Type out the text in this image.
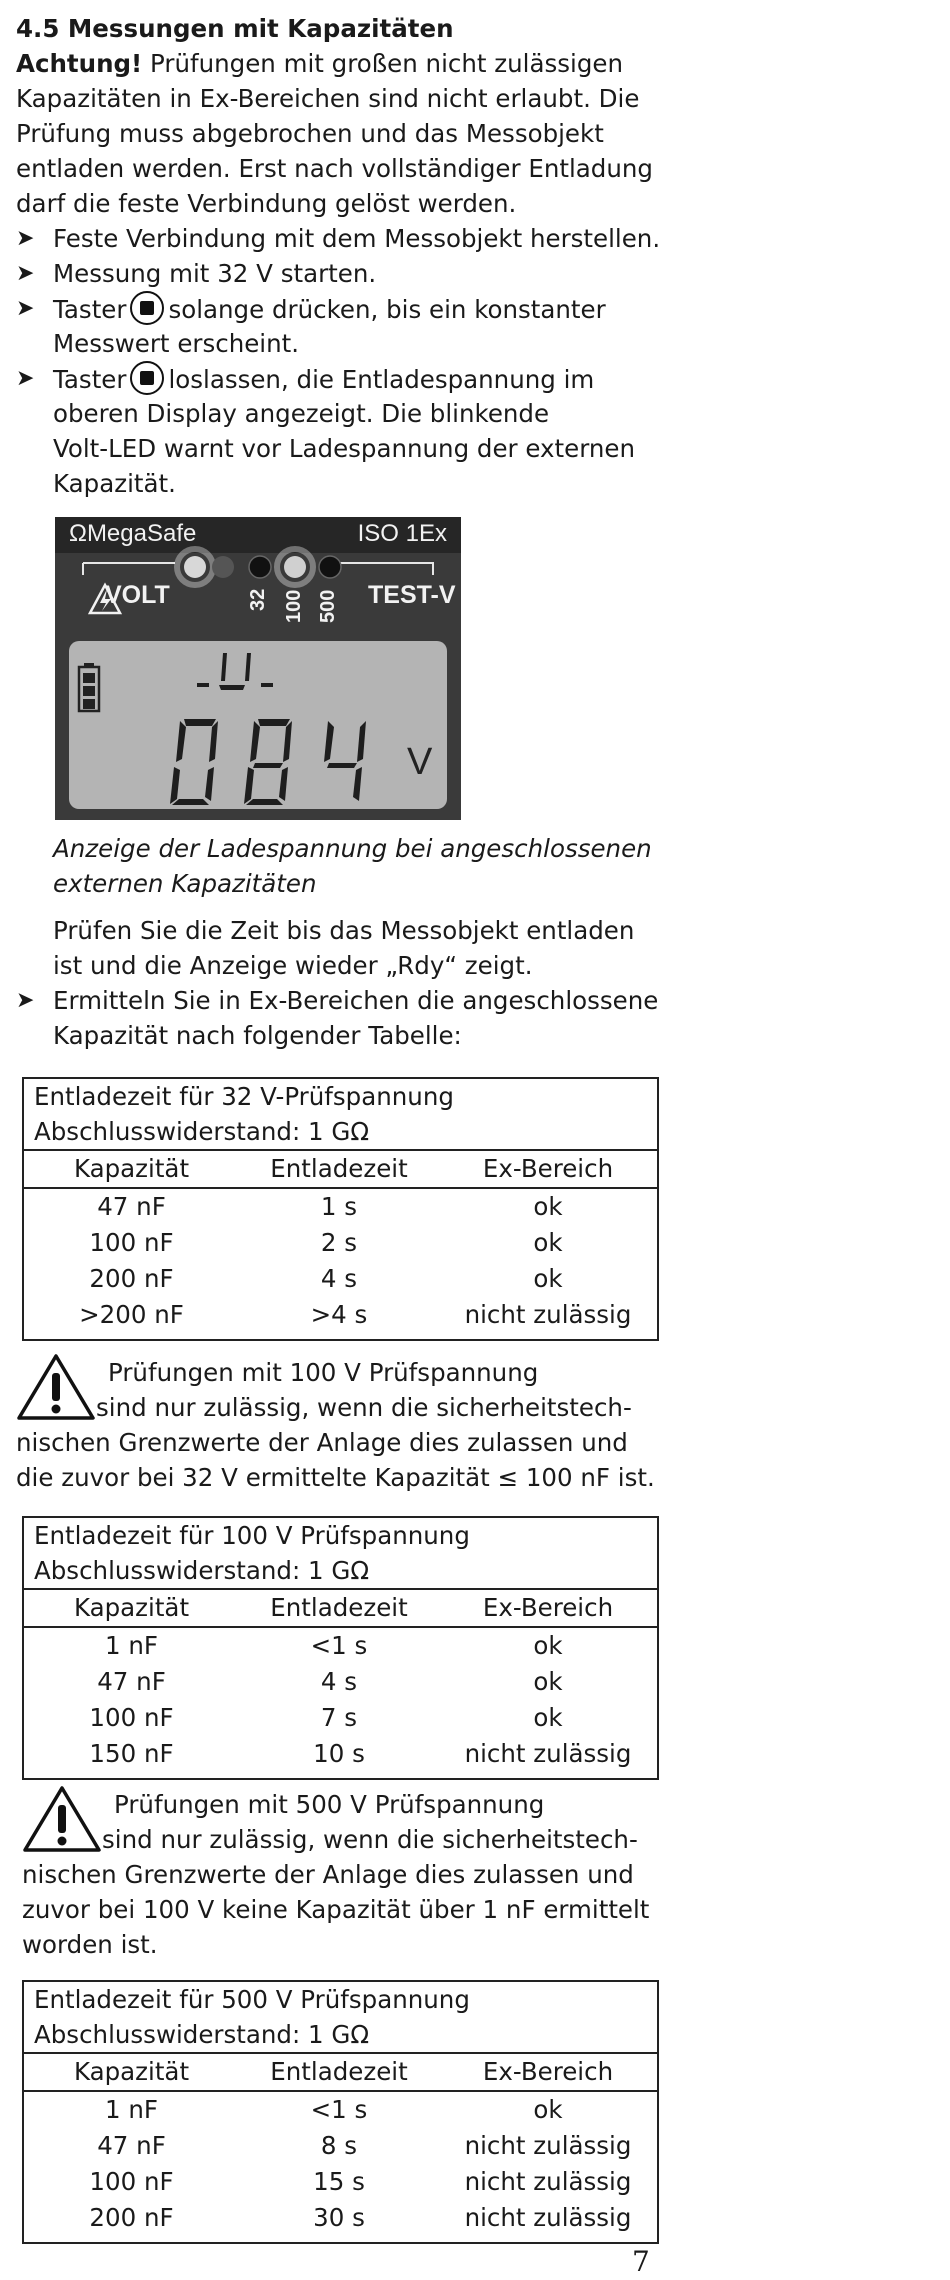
4.5 Messungen mit Kapazitäten
Achtung! Prüfungen mit großen nicht zulässigen
Kapazitäten in Ex-Bereichen sind nicht erlaubt. Die
Prüfung muss abgebrochen und das Messobjekt
entladen werden. Erst nach vollständiger Entladung
darf die feste Verbindung gelöst werden.
➤ Feste Verbindung mit dem Messobjekt herstellen.
➤ Messung mit 32 V starten.
➤ Taster solange drücken, bis ein konstanter
Messwert erscheint.
➤ Taster loslassen, die Entladespannung im
oberen Display angezeigt. Die blinkende
Volt-LED warnt vor Ladespannung der externen
Kapazität.
ΩMegaSafe	ISO 1Ex
VOLT	32 100 500 TEST-V
V
Anzeige der Ladespannung bei angeschlossenen
externen Kapazitäten
Prüfen Sie die Zeit bis das Messobjekt entladen
ist und die Anzeige wieder „Rdy“ zeigt.
➤ Ermitteln Sie in Ex-Bereichen die angeschlossene
Kapazität nach folgender Tabelle:
Entladezeit für 32 V-Prüfspannung
Abschlusswiderstand: 1 GΩ
Kapazität	Entladezeit	Ex-Bereich
47 nF	1 s	ok
100 nF	2 s	ok
200 nF	4 s	ok
>200 nF	>4 s	nicht zulässig
Prüfungen mit 100 V Prüfspannung
sind nur zulässig, wenn die sicherheitstech-
nischen Grenzwerte der Anlage dies zulassen und
die zuvor bei 32 V ermittelte Kapazität ≤ 100 nF ist.
Entladezeit für 100 V Prüfspannung
Abschlusswiderstand: 1 GΩ
Kapazität	Entladezeit	Ex-Bereich
1 nF	<1 s	ok
47 nF	4 s	ok
100 nF	7 s	ok
150 nF	10 s	nicht zulässig
Prüfungen mit 500 V Prüfspannung
sind nur zulässig, wenn die sicherheitstech-
nischen Grenzwerte der Anlage dies zulassen und
zuvor bei 100 V keine Kapazität über 1 nF ermittelt
worden ist.
Entladezeit für 500 V Prüfspannung
Abschlusswiderstand: 1 GΩ
Kapazität	Entladezeit	Ex-Bereich
1 nF	<1 s	ok
47 nF	8 s	nicht zulässig
100 nF	15 s	nicht zulässig
200 nF	30 s	nicht zulässig
7
